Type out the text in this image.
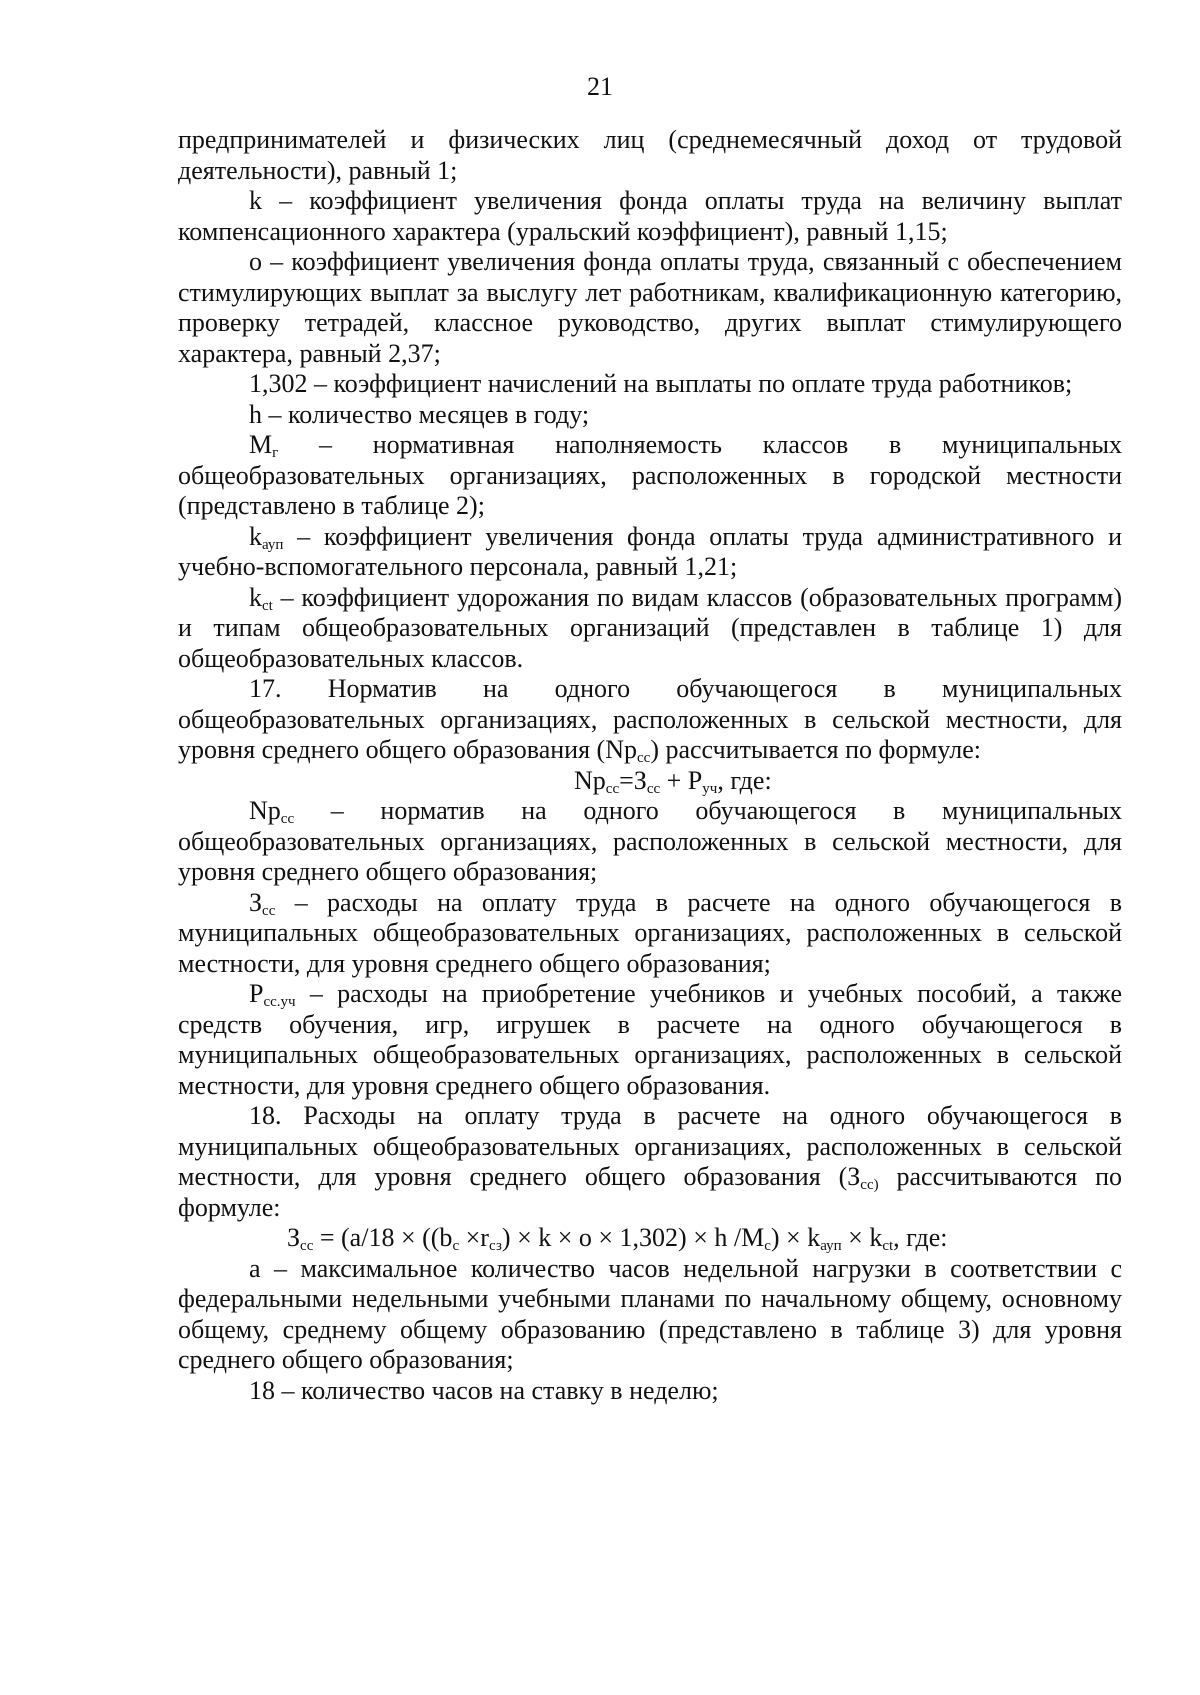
21

предпринимателей и физических лиц (среднемесячный доход от трудовой деятельности), равный 1;

k – коэффициент увеличения фонда оплаты труда на величину выплат компенсационного характера (уральский коэффициент), равный 1,15;

o – коэффициент увеличения фонда оплаты труда, связанный с обеспечением стимулирующих выплат за выслугу лет работникам, квалификационную категорию, проверку тетрадей, классное руководство, других выплат стимулирующего характера, равный 2,37;

1,302 – коэффициент начислений на выплаты по оплате труда работников;

h – количество месяцев в году;

$М_г$ – нормативная наполняемость классов в муниципальных общеобразовательных организациях, расположенных в городской местности (представлено в таблице 2);

$k_{ауп}$ – коэффициент увеличения фонда оплаты труда административного и учебно-вспомогательного персонала, равный 1,21;

$k_{ct}$ – коэффициент удорожания по видам классов (образовательных программ) и типам общеобразовательных организаций (представлен в таблице 1) для общеобразовательных классов.

17. Норматив на одного обучающегося в муниципальных общеобразовательных организациях, расположенных в сельской местности, для уровня среднего общего образования $(Np_{cc})$ рассчитывается по формуле:

$Np_{cc}=З_{cc} + Р_{уч}$, где:

$Np_{cc}$ – норматив на одного обучающегося в муниципальных общеобразовательных организациях, расположенных в сельской местности, для уровня среднего общего образования;

$З_{cc}$ – расходы на оплату труда в расчете на одного обучающегося в муниципальных общеобразовательных организациях, расположенных в сельской местности, для уровня среднего общего образования;

$Р_{cc.уч}$ – расходы на приобретение учебников и учебных пособий, а также средств обучения, игр, игрушек в расчете на одного обучающегося в муниципальных общеобразовательных организациях, расположенных в сельской местности, для уровня среднего общего образования.

18. Расходы на оплату труда в расчете на одного обучающегося в муниципальных общеобразовательных организациях, расположенных в сельской местности, для уровня среднего общего образования ($З_{cc)}$ рассчитываются по формуле:

$З_{cc} = (a/18 \times ((b_c \times r_{сз}) \times k \times o \times 1,302) \times h$ $/M_c) \times k_{ауп} \times k_{ct}$, где:

а – максимальное количество часов недельной нагрузки в соответствии с федеральными недельными учебными планами по начальному общему, основному общему, среднему общему образованию (представлено в таблице 3) для уровня среднего общего образования;

18 – количество часов на ставку в неделю;
